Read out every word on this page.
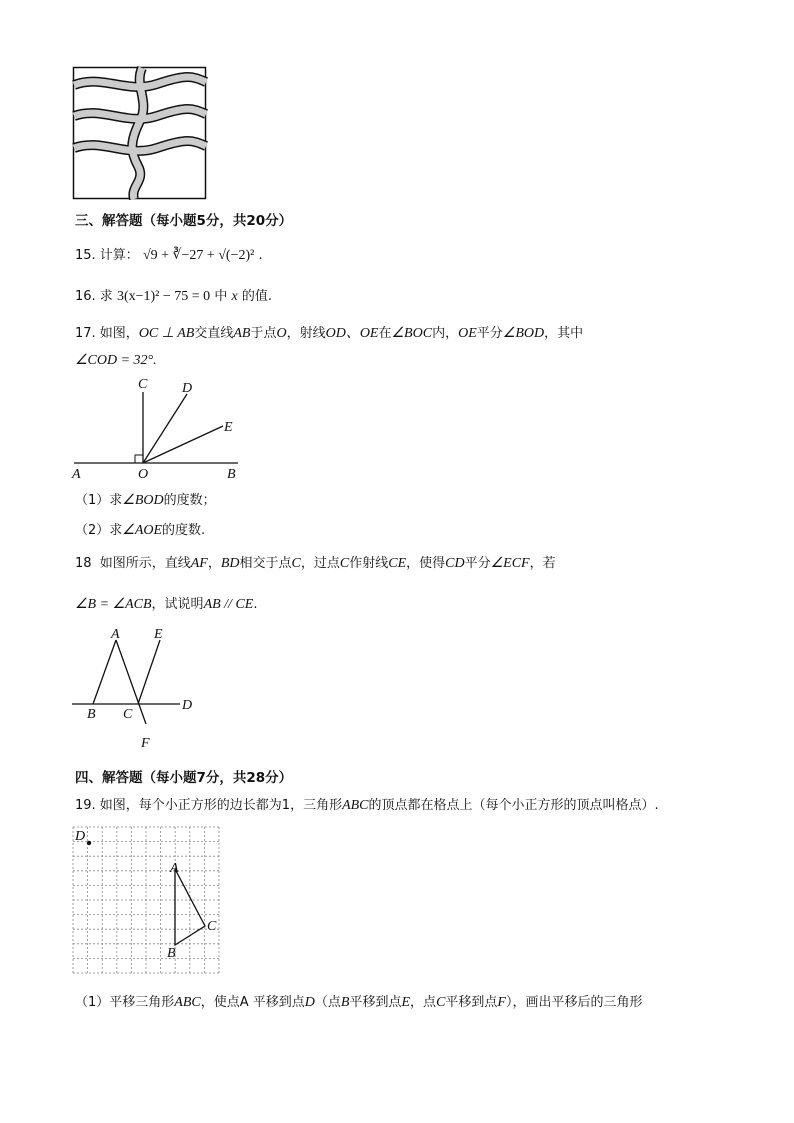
三、解答题（每小题5分，共20分）
15. 计算： √9 + ∛−27 + √(−2)² .
16. 求 3(x−1)² − 75 = 0 中 x 的值.
17. 如图，OC ⊥ AB交直线AB于点O，射线OD、OE在∠BOC内，OE平分∠BOD，其中
∠COD = 32°.
C D
E
A	O	B
（1）求∠BOD的度数；
（2）求∠AOE的度数.
18 如图所示，直线AF，BD相交于点C，过点C作射线CE，使得CD平分∠ECF，若
∠B = ∠ACB，试说明AB // CE.
A E
B C
D
F
四、解答题（每小题7分，共28分）
19. 如图，每个小正方形的边长都为1，三角形ABC的顶点都在格点上（每个小正方形的顶点叫格点）.
D
A
B
C
（1）平移三角形ABC，使点A 平移到点D（点B平移到点E，点C平移到点F），画出平移后的三角形
